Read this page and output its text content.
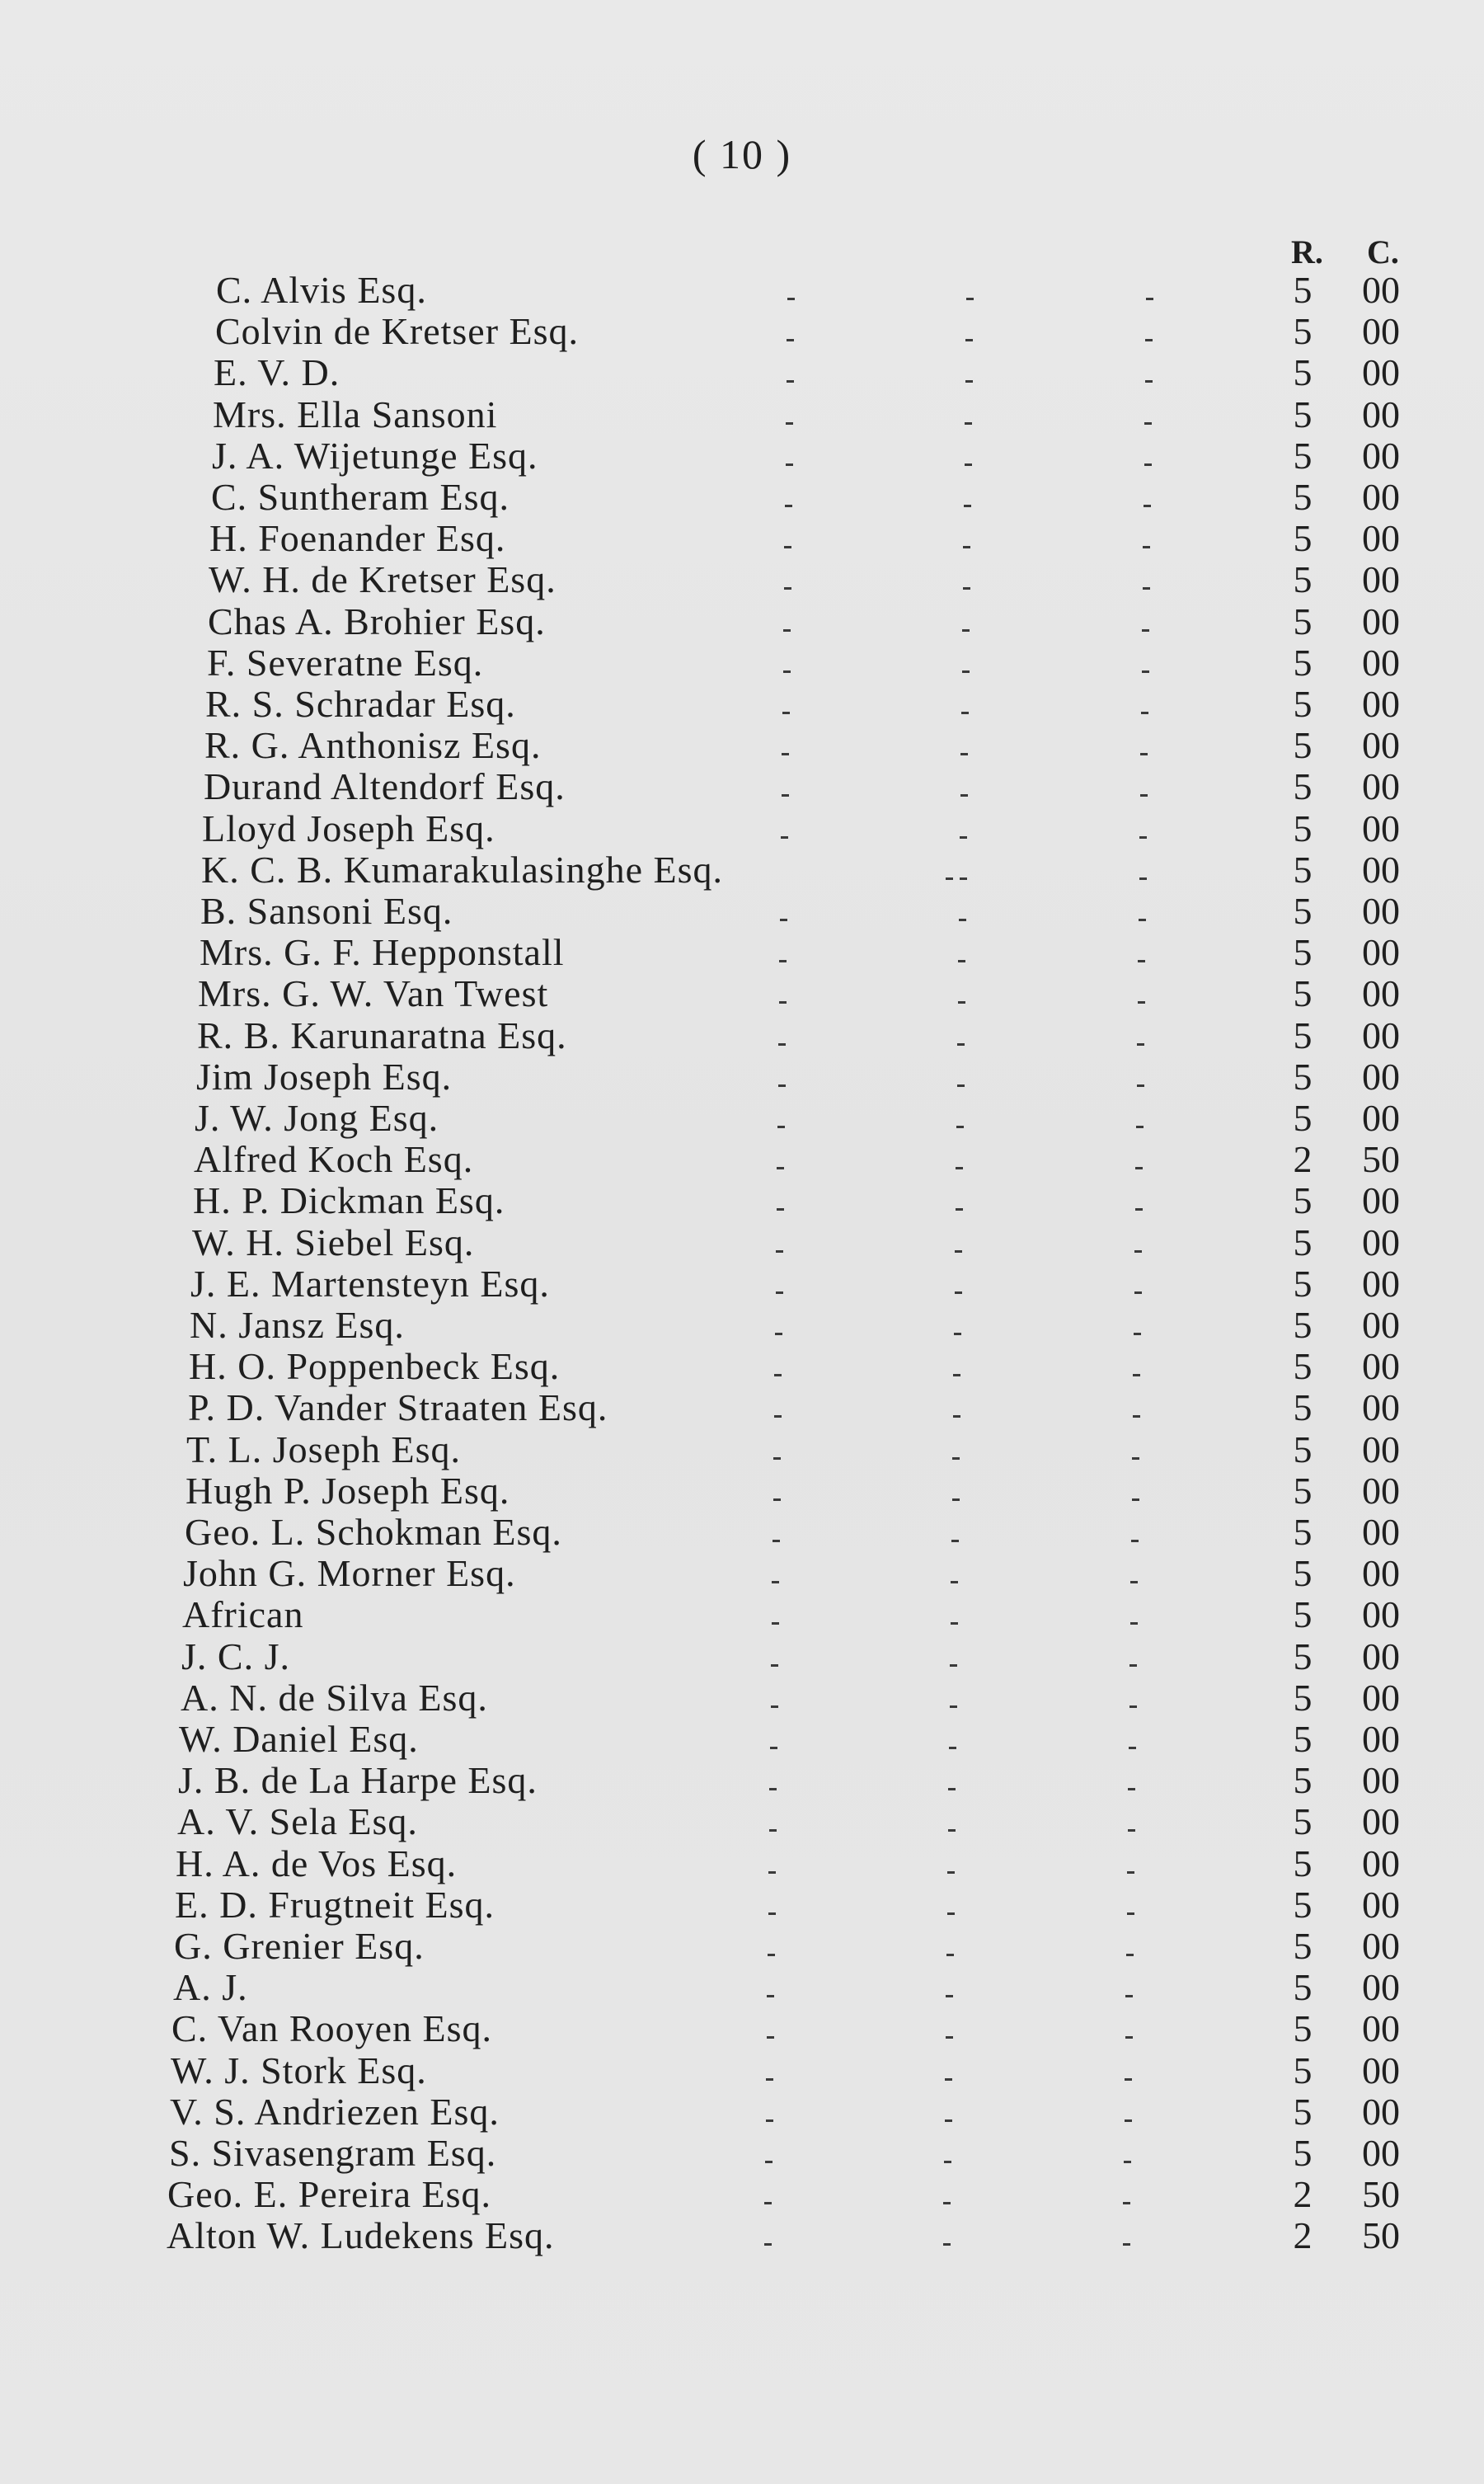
( 10 )
R. C.
C. Alvis Esq.	5 00
Colvin de Kretser Esq.	5 00
E. V. D.	5 00
Mrs. Ella Sansoni	5 00
J. A. Wijetunge Esq.	5 00
C. Suntheram Esq.	5 00
H. Foenander Esq.	5 00
W. H. de Kretser Esq.	5 00
Chas A. Brohier Esq.	5 00
F. Severatne Esq.	5 00
R. S. Schradar Esq.	5 00
R. G. Anthonisz Esq.	5 00
Durand Altendorf Esq.	5 00
Lloyd Joseph Esq.	5 00
K. C. B. Kumarakulasinghe Esq.	5 00
B. Sansoni Esq.	5 00
Mrs. G. F. Hepponstall	5 00
Mrs. G. W. Van Twest	5 00
R. B. Karunaratna Esq.	5 00
Jim Joseph Esq.	5 00
J. W. Jong Esq.	5 00
Alfred Koch Esq.	2 50
H. P. Dickman Esq.	5 00
W. H. Siebel Esq.	5 00
J. E. Martensteyn Esq.	5 00
N. Jansz Esq.	5 00
H. O. Poppenbeck Esq.	5 00
P. D. Vander Straaten Esq.	5 00
T. L. Joseph Esq.	5 00
Hugh P. Joseph Esq.	5 00
Geo. L. Schokman Esq.	5 00
John G. Morner Esq.	5 00
African	5 00
J. C. J.	5 00
A. N. de Silva Esq.	5 00
W. Daniel Esq.	5 00
J. B. de La Harpe Esq.	5 00
A. V. Sela Esq.	5 00
H. A. de Vos Esq.	5 00
E. D. Frugtneit Esq.	5 00
G. Grenier Esq.	5 00
A. J.	5 00
C. Van Rooyen Esq.	5 00
W. J. Stork Esq.	5 00
V. S. Andriezen Esq.	5 00
S. Sivasengram Esq.	5 00
Geo. E. Pereira Esq.	2 50
Alton W. Ludekens Esq.	2 50
